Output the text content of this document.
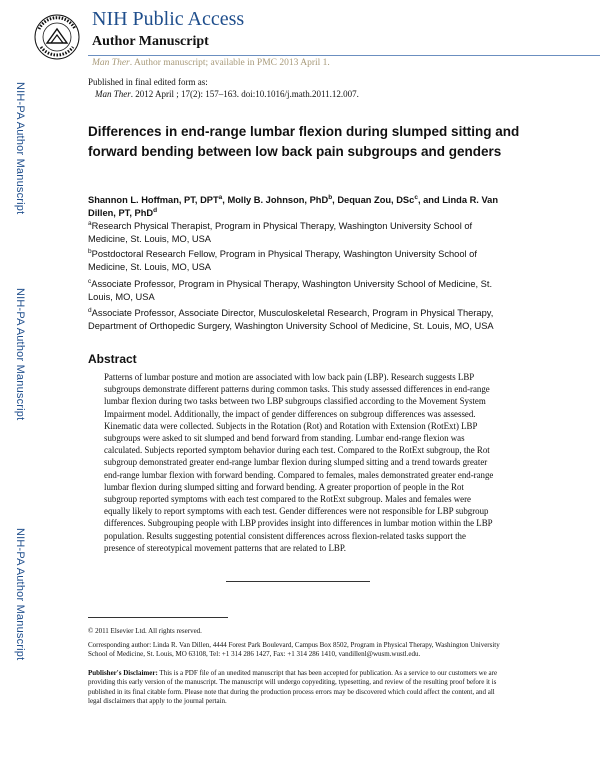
NIH Public Access
Author Manuscript
Man Ther. Author manuscript; available in PMC 2013 April 1.
NIH-PA Author Manuscript
NIH-PA Author Manuscript
NIH-PA Author Manuscript
Published in final edited form as:
Man Ther. 2012 April ; 17(2): 157–163. doi:10.1016/j.math.2011.12.007.
Differences in end-range lumbar flexion during slumped sitting and forward bending between low back pain subgroups and genders
Shannon L. Hoffman, PT, DPT$^a$, Molly B. Johnson, PhD$^b$, Dequan Zou, DSc$^c$, and Linda R. Van Dillen, PT, PhD$^d$
$^a$Research Physical Therapist, Program in Physical Therapy, Washington University School of Medicine, St. Louis, MO, USA
$^b$Postdoctoral Research Fellow, Program in Physical Therapy, Washington University School of Medicine, St. Louis, MO, USA
$^c$Associate Professor, Program in Physical Therapy, Washington University School of Medicine, St. Louis, MO, USA
$^d$Associate Professor, Associate Director, Musculoskeletal Research, Program in Physical Therapy, Department of Orthopedic Surgery, Washington University School of Medicine, St. Louis, MO, USA
Abstract
Patterns of lumbar posture and motion are associated with low back pain (LBP). Research suggests LBP subgroups demonstrate different patterns during common tasks. This study assessed differences in end-range lumbar flexion during two tasks between two LBP subgroups classified according to the Movement System Impairment model. Additionally, the impact of gender differences on subgroup differences was assessed. Kinematic data were collected. Subjects in the Rotation (Rot) and Rotation with Extension (RotExt) LBP subgroups were asked to sit slumped and bend forward from standing. Lumbar end-range flexion was calculated. Subjects reported symptom behavior during each test. Compared to the RotExt subgroup, the Rot subgroup demonstrated greater end-range lumbar flexion during slumped sitting and a trend towards greater end-range lumbar flexion with forward bending. Compared to females, males demonstrated greater end-range lumbar flexion during slumped sitting and forward bending. A greater proportion of people in the Rot subgroup reported symptoms with each test compared to the RotExt subgroup. Males and females were equally likely to report symptoms with each test. Gender differences were not responsible for LBP subgroup differences. Subgrouping people with LBP provides insight into differences in lumbar motion within the LBP population. Results suggesting potential consistent differences across flexion-related tasks support the presence of stereotypical movement patterns that are related to LBP.
© 2011 Elsevier Ltd. All rights reserved.
Corresponding author: Linda R. Van Dillen, 4444 Forest Park Boulevard, Campus Box 8502, Program in Physical Therapy, Washington University School of Medicine, St. Louis, MO 63108, Tel: +1 314 286 1427, Fax: +1 314 286 1410, vandillenl@wusm.wustl.edu.
Publisher's Disclaimer: This is a PDF file of an unedited manuscript that has been accepted for publication. As a service to our customers we are providing this early version of the manuscript. The manuscript will undergo copyediting, typesetting, and review of the resulting proof before it is published in its final citable form. Please note that during the production process errors may be discovered which could affect the content, and all legal disclaimers that apply to the journal pertain.
